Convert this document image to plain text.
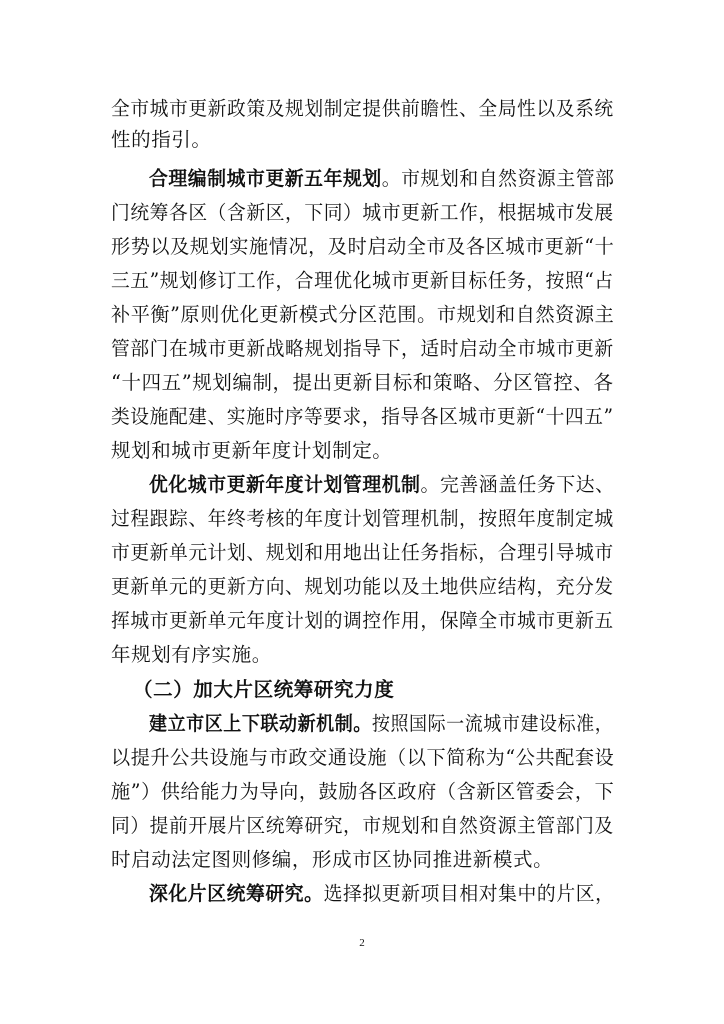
全市城市更新政策及规划制定提供前瞻性、全局性以及系统
性的指引。
合理编制城市更新五年规划。市规划和自然资源主管部
门统筹各区（含新区，下同）城市更新工作，根据城市发展
形势以及规划实施情况，及时启动全市及各区城市更新“十
三五”规划修订工作，合理优化城市更新目标任务，按照“占
补平衡”原则优化更新模式分区范围。市规划和自然资源主
管部门在城市更新战略规划指导下，适时启动全市城市更新
“十四五”规划编制，提出更新目标和策略、分区管控、各
类设施配建、实施时序等要求，指导各区城市更新“十四五”
规划和城市更新年度计划制定。
优化城市更新年度计划管理机制。完善涵盖任务下达、
过程跟踪、年终考核的年度计划管理机制，按照年度制定城
市更新单元计划、规划和用地出让任务指标，合理引导城市
更新单元的更新方向、规划功能以及土地供应结构，充分发
挥城市更新单元年度计划的调控作用，保障全市城市更新五
年规划有序实施。
（二）加大片区统筹研究力度
建立市区上下联动新机制。按照国际一流城市建设标准，
以提升公共设施与市政交通设施（以下简称为“公共配套设
施”）供给能力为导向，鼓励各区政府（含新区管委会，下
同）提前开展片区统筹研究，市规划和自然资源主管部门及
时启动法定图则修编，形成市区协同推进新模式。
深化片区统筹研究。选择拟更新项目相对集中的片区，
2
